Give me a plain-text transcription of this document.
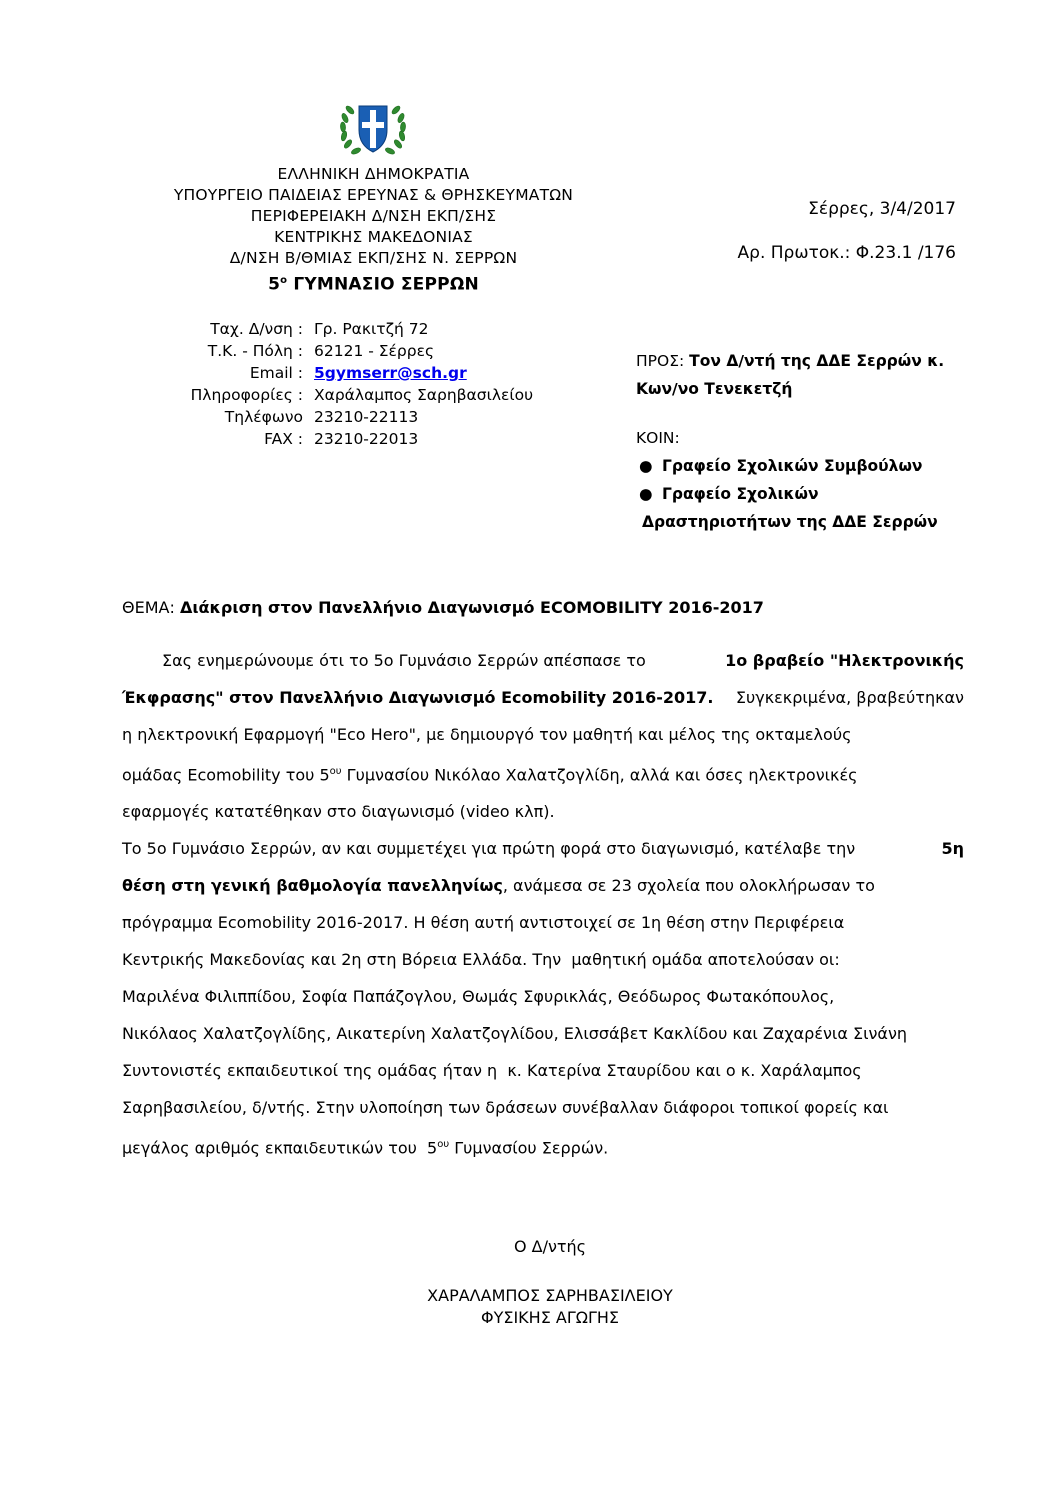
ΕΛΛΗΝΙΚΗ ΔΗΜΟΚΡΑΤΙΑ
ΥΠΟΥΡΓΕΙΟ ΠΑΙΔΕΙΑΣ ΕΡΕΥΝΑΣ & ΘΡΗΣΚΕΥΜΑΤΩΝ
ΠΕΡΙΦΕΡΕΙΑΚΗ Δ/ΝΣΗ ΕΚΠ/ΣΗΣ
ΚΕΝΤΡΙΚΗΣ ΜΑΚΕΔΟΝΙΑΣ
Δ/ΝΣΗ Β/ΘΜΙΑΣ ΕΚΠ/ΣΗΣ Ν. ΣΕΡΡΩΝ
$5^o$ ΓΥΜΝΑΣΙΟ ΣΕΡΡΩΝ
Ταχ. Δ/νση : Γρ. Ρακιτζή 72
Τ.Κ. - Πόλη : 62121 - Σέρρες
Email : 5gymserr@sch.gr
Πληροφορίες : Χαράλαμπος Σαρηβασιλείου
Τηλέφωνο 23210-22113
FAX : 23210-22013
Σέρρες, 3/4/2017
Αρ. Πρωτοκ.: Φ.23.1 /176
ΠΡΟΣ: Τον Δ/ντή της ΔΔΕ Σερρών κ.
Κων/νο Τενεκετζή
ΚΟΙΝ:
● Γραφείο Σχολικών Συμβούλων
● Γραφείο Σχολικών
Δραστηριοτήτων της ΔΔΕ Σερρών
ΘΕΜΑ: Διάκριση στον Πανελλήνιο Διαγωνισμό ECOMOBILITY 2016-2017
Σας ενημερώνουμε ότι το 5ο Γυμνάσιο Σερρών απέσπασε το	1ο βραβείο "Ηλεκτρονικής
Έκφρασης" στον Πανελλήνιο Διαγωνισμό Ecomobility 2016-2017. Συγκεκριμένα, βραβεύτηκαν
η ηλεκτρονική Εφαρμογή "Eco Hero", με δημιουργό τον μαθητή και μέλος της οκταμελούς
ομάδας Ecomobility του $5^{o\upsilon}$ Γυμνασίου Νικόλαο Χαλατζογλίδη, αλλά και όσες ηλεκτρονικές
εφαρμογές κατατέθηκαν στο διαγωνισμό (video κλπ).
Το 5ο Γυμνάσιο Σερρών, αν και συμμετέχει για πρώτη φορά στο διαγωνισμό, κατέλαβε την	5η
θέση στη γενική βαθμολογία πανελληνίως, ανάμεσα σε 23 σχολεία που ολοκλήρωσαν το
πρόγραμμα Ecomobility 2016-2017. Η θέση αυτή αντιστοιχεί σε 1η θέση στην Περιφέρεια
Κεντρικής Μακεδονίας και 2η στη Βόρεια Ελλάδα. Την  μαθητική ομάδα αποτελούσαν οι:
Μαριλένα Φιλιππίδου, Σοφία Παπάζογλου, Θωμάς Σφυρικλάς, Θεόδωρος Φωτακόπουλος,
Νικόλαος Χαλατζογλίδης, Αικατερίνη Χαλατζογλίδου, Ελισσάβετ Κακλίδου και Ζαχαρένια Σινάνη
Συντονιστές εκπαιδευτικοί της ομάδας ήταν η  κ. Κατερίνα Σταυρίδου και ο κ. Χαράλαμπος
Σαρηβασιλείου, δ/ντής. Στην υλοποίηση των δράσεων συνέβαλλαν διάφοροι τοπικοί φορείς και
μεγάλος αριθμός εκπαιδευτικών του  $5^{o\upsilon}$ Γυμνασίου Σερρών.
Ο Δ/ντής
ΧΑΡΑΛΑΜΠΟΣ ΣΑΡΗΒΑΣΙΛΕΙΟΥ
ΦΥΣΙΚΗΣ ΑΓΩΓΗΣ
